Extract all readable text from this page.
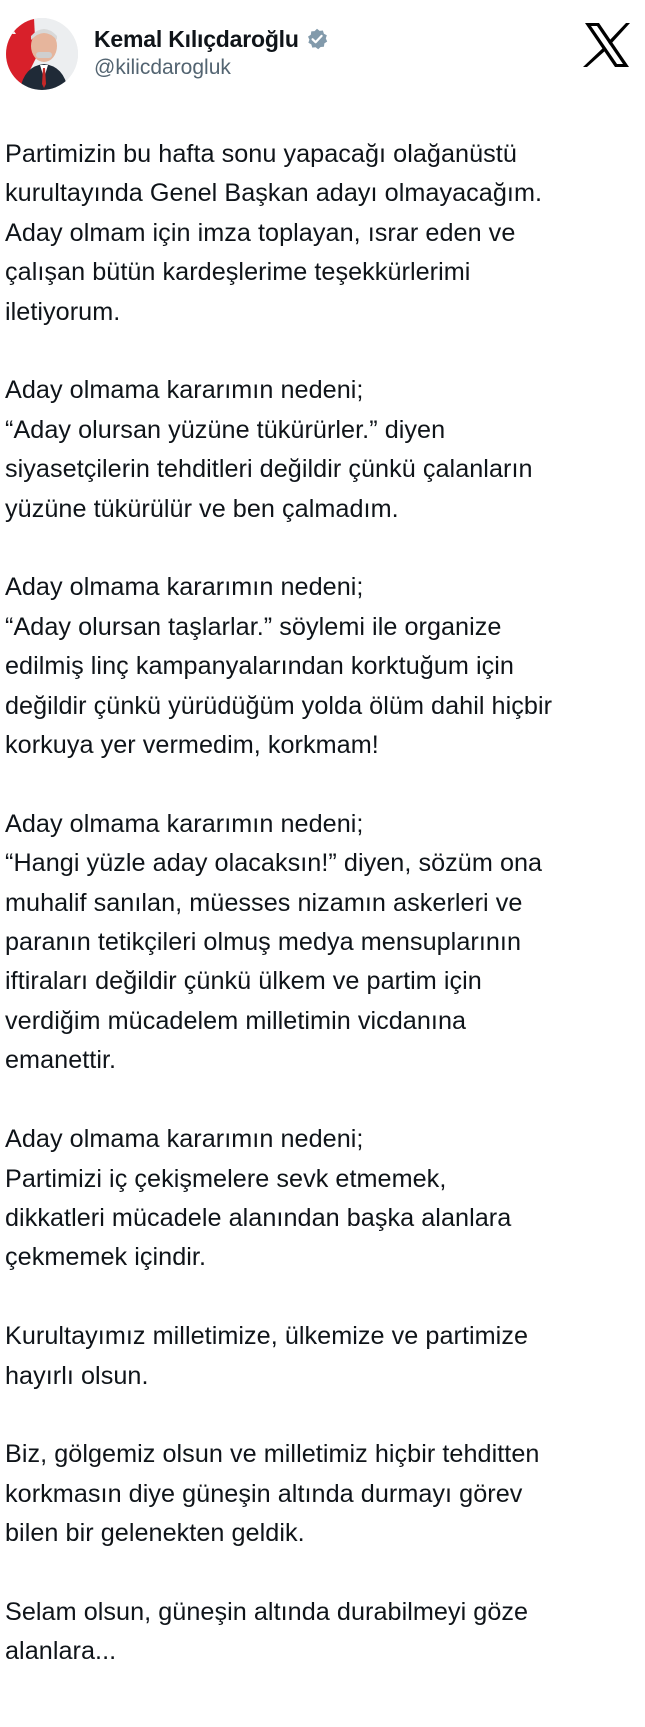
Kemal Kılıçdaroğlu
@kilicdarogluk

Partimizin bu hafta sonu yapacağı olağanüstü
kurultayında Genel Başkan adayı olmayacağım.
Aday olmam için imza toplayan, ısrar eden ve
çalışan bütün kardeşlerime teşekkürlerimi
iletiyorum.

Aday olmama kararımın nedeni;
“Aday olursan yüzüne tükürürler.” diyen
siyasetçilerin tehditleri değildir çünkü çalanların
yüzüne tükürülür ve ben çalmadım.

Aday olmama kararımın nedeni;
“Aday olursan taşlarlar.” söylemi ile organize
edilmiş linç kampanyalarından korktuğum için
değildir çünkü yürüdüğüm yolda ölüm dahil hiçbir
korkuya yer vermedim, korkmam!

Aday olmama kararımın nedeni;
“Hangi yüzle aday olacaksın!” diyen, sözüm ona
muhalif sanılan, müesses nizamın askerleri ve
paranın tetikçileri olmuş medya mensuplarının
iftiraları değildir çünkü ülkem ve partim için
verdiğim mücadelem milletimin vicdanına
emanettir.

Aday olmama kararımın nedeni;
Partimizi iç çekişmelere sevk etmemek,
dikkatleri mücadele alanından başka alanlara
çekmemek içindir.

Kurultayımız milletimize, ülkemize ve partimize
hayırlı olsun.

Biz, gölgemiz olsun ve milletimiz hiçbir tehditten
korkmasın diye güneşin altında durmayı görev
bilen bir gelenekten geldik.

Selam olsun, güneşin altında durabilmeyi göze
alanlara...
